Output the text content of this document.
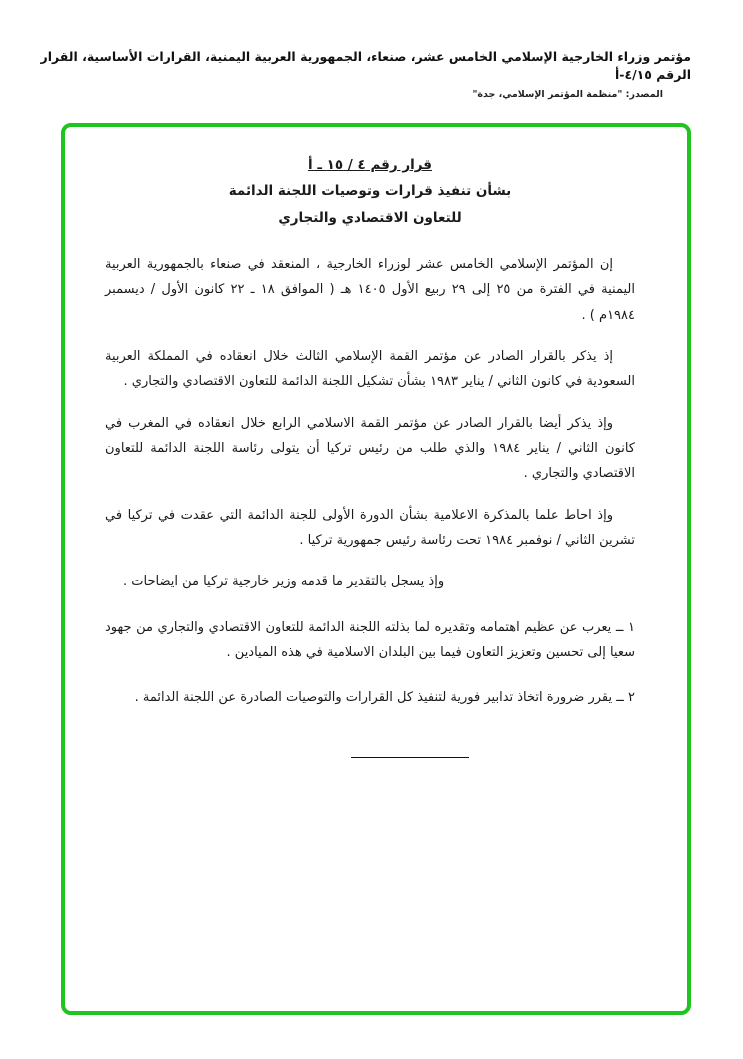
مؤتمر وزراء الخارجية الإسلامي الخامس عشر، صنعاء، الجمهورية العربية اليمنية، القرارات الأساسية، القرار الرقم ٤/١٥-أ
المصدر: "منظمة المؤتمر الإسلامي، جدة"
قرار رقم ٤ / ١٥ ـ أ
بشأن تنفيذ قرارات وتوصيات اللجنة الدائمة
للتعاون الاقتصادي والتجاري

إن المؤتمر الإسلامي الخامس عشر لوزراء الخارجية ، المنعقد في صنعاء بالجمهورية العربية اليمنية في الفترة من ٢٥ إلى ٢٩ ربيع الأول ١٤٠٥ هـ ( الموافق ١٨ ـ ٢٢ كانون الأول / ديسمبر ١٩٨٤م ) .

إذ يذكر بالقرار الصادر عن مؤتمر القمة الإسلامي الثالث خلال انعقاده في المملكة العربية السعودية في كانون الثاني / يناير ١٩٨٣ بشأن تشكيل اللجنة الدائمة للتعاون الاقتصادي والتجاري .

وإذ يذكر أيضا بالقرار الصادر عن مؤتمر القمة الاسلامي الرابع خلال انعقاده في المغرب في كانون الثاني / يناير ١٩٨٤ والذي طلب من رئيس تركيا أن يتولى رئاسة اللجنة الدائمة للتعاون الاقتصادي والتجاري .

وإذ احاط علما بالمذكرة الاعلامية بشأن الدورة الأولى للجنة الدائمة التي عقدت في تركيا في تشرين الثاني / نوفمبر ١٩٨٤ تحت رئاسة رئيس جمهورية تركيا .

وإذ يسجل بالتقدير ما قدمه وزير خارجية تركيا من ايضاحات .

١ ــ يعرب عن عظيم اهتمامه وتقديره لما بذلته اللجنة الدائمة للتعاون الاقتصادي والتجاري من جهود سعيا إلى تحسين وتعزيز التعاون فيما بين البلدان الاسلامية في هذه الميادين .

٢ ــ يقرر ضرورة اتخاذ تدابير فورية لتنفيذ كل القرارات والتوصيات الصادرة عن اللجنة الدائمة .
